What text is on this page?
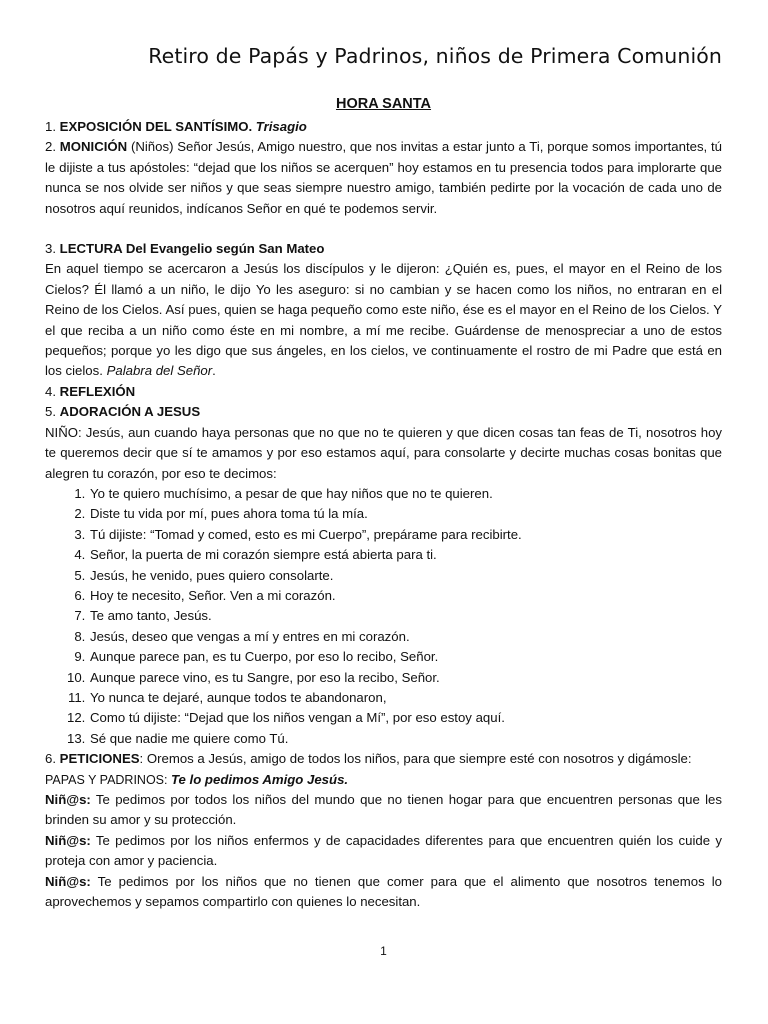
Retiro de Papás y Padrinos, niños de Primera Comunión
HORA SANTA

1. EXPOSICIÓN DEL SANTÍSIMO. Trisagio

2. MONICIÓN (Niños) Señor Jesús, Amigo nuestro, que nos invitas a estar junto a Ti, porque somos importantes, tú le dijiste a tus apóstoles: “dejad que los niños se acerquen” hoy estamos en tu presencia todos para implorarte que nunca se nos olvide ser niños y que seas siempre nuestro amigo, también pedirte por la vocación de cada uno de nosotros aquí reunidos, indícanos Señor en qué te podemos servir.

3. LECTURA Del Evangelio según San Mateo

En aquel tiempo se acercaron a Jesús los discípulos y le dijeron: ¿Quién es, pues, el mayor en el Reino de los Cielos? Él llamó a un niño, le dijo Yo les aseguro: si no cambian y se hacen como los niños, no entraran en el Reino de los Cielos. Así pues, quien se haga pequeño como este niño, ése es el mayor en el Reino de los Cielos. Y el que reciba a un niño como éste en mi nombre, a mí me recibe. Guárdense de menospreciar a uno de estos pequeños; porque yo les digo que sus ángeles, en los cielos, ve continuamente el rostro de mi Padre que está en los cielos. Palabra del Señor.

4. REFLEXIÓN

5. ADORACIÓN A JESUS

NIÑO: Jesús, aun cuando haya personas que no que no te quieren y que dicen cosas tan feas de Ti, nosotros hoy te queremos decir que sí te amamos y por eso estamos aquí, para consolarte y decirte muchas cosas bonitas que alegren tu corazón, por eso te decimos:

1. Yo te quiero muchísimo, a pesar de que hay niños que no te quieren.
2. Diste tu vida por mí, pues ahora toma tú la mía.
3. Tú dijiste: “Tomad y comed, esto es mi Cuerpo”, prepárame para recibirte.
4. Señor, la puerta de mi corazón siempre está abierta para ti.
5. Jesús, he venido, pues quiero consolarte.
6. Hoy te necesito, Señor. Ven a mi corazón.
7. Te amo tanto, Jesús.
8. Jesús, deseo que vengas a mí y entres en mi corazón.
9. Aunque parece pan, es tu Cuerpo, por eso lo recibo, Señor.
10. Aunque parece vino, es tu Sangre, por eso la recibo, Señor.
11. Yo nunca te dejaré, aunque todos te abandonaron,
12. Como tú dijiste: “Dejad que los niños vengan a Mí”, por eso estoy aquí.
13. Sé que nadie me quiere como Tú.

6. PETICIONES: Oremos a Jesús, amigo de todos los niños, para que siempre esté con nosotros y digámosle:

PAPAS Y PADRINOS: Te lo pedimos Amigo Jesús.

Niñ@s: Te pedimos por todos los niños del mundo que no tienen hogar para que encuentren personas que les brinden su amor y su protección.

Niñ@s: Te pedimos por los niños enfermos y de capacidades diferentes para que encuentren quién los cuide y proteja con amor y paciencia.

Niñ@s: Te pedimos por los niños que no tienen que comer para que el alimento que nosotros tenemos lo aprovechemos y sepamos compartirlo con quienes lo necesitan.

1
